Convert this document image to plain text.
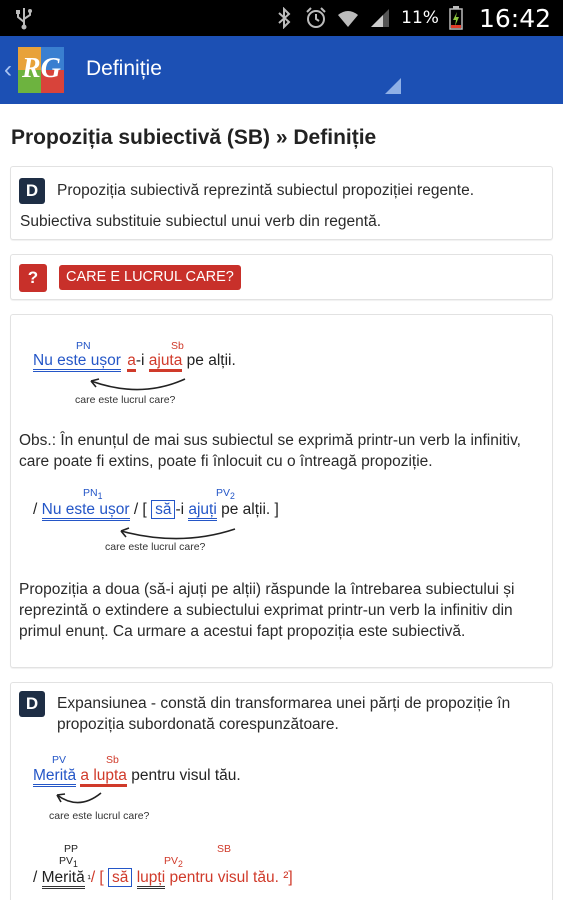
11% 16:42
‹ RG Definiție
Propoziția subiectivă (SB) » Definiție
D	Propoziția subiectivă reprezintă subiectul propoziției regente.
Subiectiva substituie subiectul unui verb din regentă.
?	CARE E LUCRUL CARE?
PN	Sb
Nu este ușor a-i ajuta pe alții.
care este lucrul care?
Obs.: În enunțul de mai sus subiectul se exprimă printr-un verb la infinitiv, care poate fi extins, poate fi înlocuit cu o întreagă propoziție.
$PN_1$	$PV_2$
/ Nu este ușor / [ să -i ajuți pe alții. ]
care este lucrul care?
Propoziția a doua (să-i ajuți pe alții) răspunde la întrebarea subiectului și reprezintă o extindere a subiectului exprimat printr-un verb la infinitiv din primul enunț. Ca urmare a acestui fapt propoziția este subiectivă.
D	Expansiunea - constă din transformarea unei părți de propoziție în propoziția subordonată corespunzătoare.
PV	Sb
Merită a lupta pentru visul tău.
care este lucrul care?
PP
$PV_1$	$PV_2$
SB
/ Merită ¹/ [ să lupți pentru visul tău. ²]
